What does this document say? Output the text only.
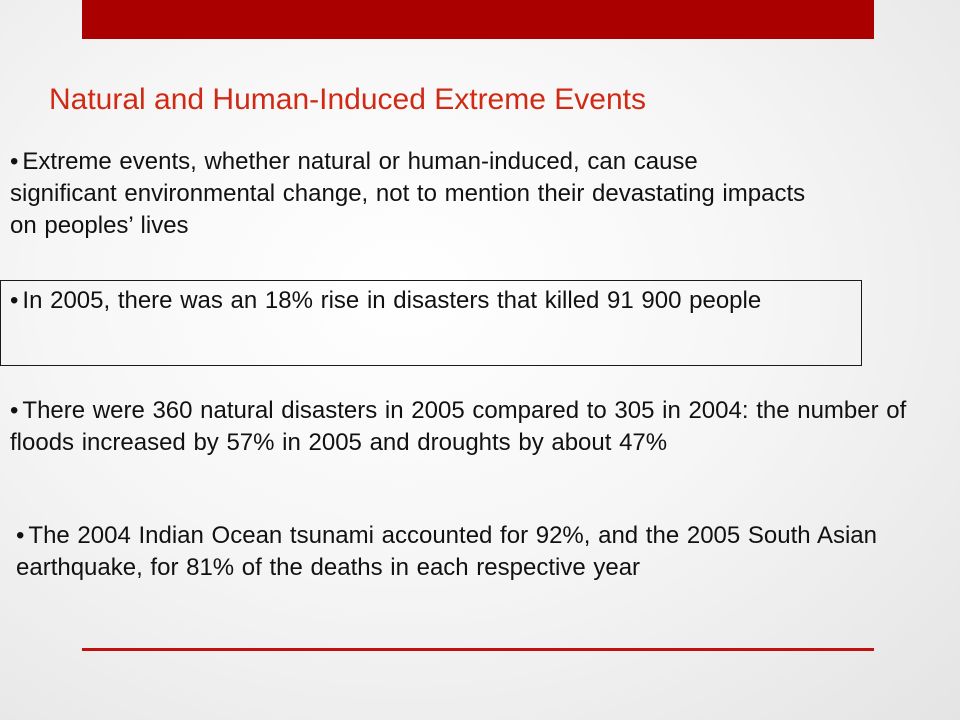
Natural and Human-Induced Extreme Events
• Extreme events, whether natural or human-induced, can cause significant environmental change, not to mention their devastating impacts on peoples’ lives
• In 2005, there was an 18% rise in disasters that killed 91 900 people
• There were 360 natural disasters in 2005 compared to 305 in 2004: the number of floods increased by 57% in 2005 and droughts by about 47%
• The 2004 Indian Ocean tsunami accounted for 92%, and the 2005 South Asian earthquake, for 81% of the deaths in each respective year
